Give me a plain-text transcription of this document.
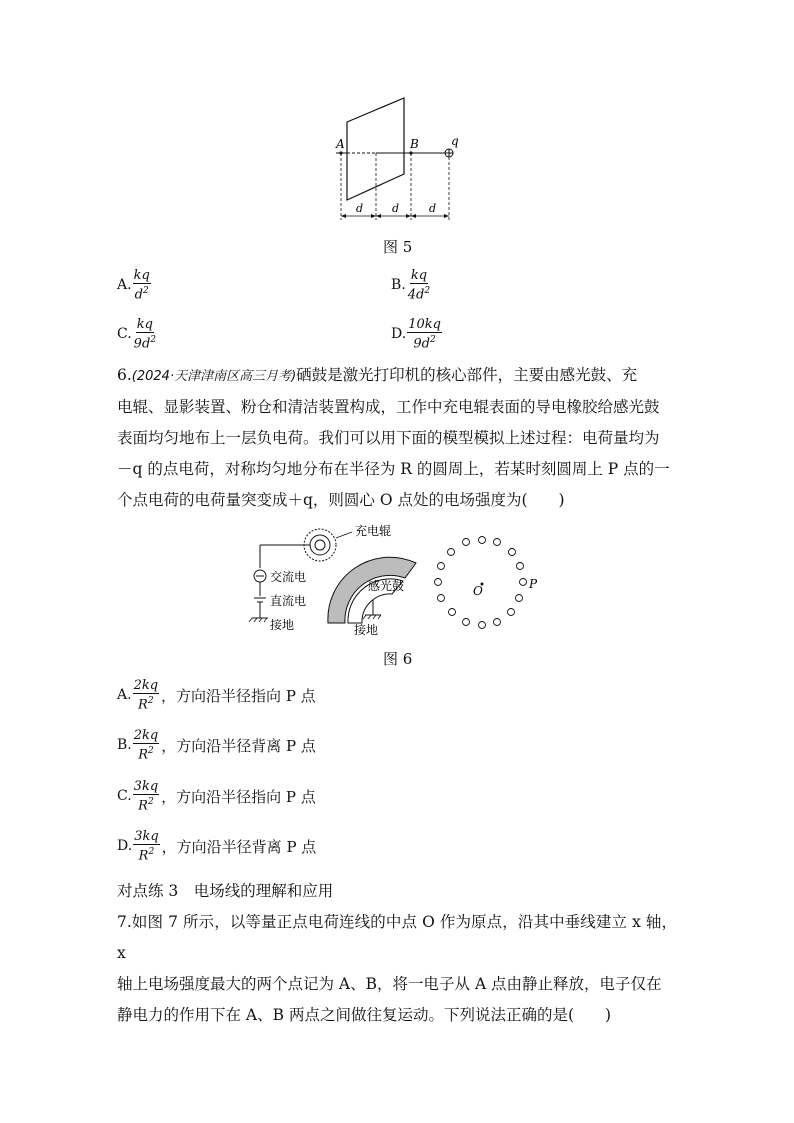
A	B	q
d	d	d
图 5
A. $\frac{kq}{d^2}$	B. $\frac{kq}{4d^2}$
C. $\frac{kq}{9d^2}$	D. $\frac{10kq}{9d^2}$
6.(2024·天津津南区高三月考)硒鼓是激光打印机的核心部件，主要由感光鼓、充
电辊、显影装置、粉仓和清洁装置构成，工作中充电辊表面的导电橡胶给感光鼓
表面均匀地布上一层负电荷。我们可以用下面的模型模拟上述过程：电荷量均为
－q 的点电荷，对称均匀地分布在半径为 R 的圆周上，若某时刻圆周上 P 点的一
个点电荷的电荷量突变成＋q，则圆心 O 点处的电场强度为(　　)
充电辊
交流电
直流电
接地
感光鼓
接地
O	P
图 6
A. $\frac{2kq}{R^2}$ ，方向沿半径指向 P 点
B. $\frac{2kq}{R^2}$ ，方向沿半径背离 P 点
C. $\frac{3kq}{R^2}$ ，方向沿半径指向 P 点
D. $\frac{3kq}{R^2}$ ，方向沿半径背离 P 点
对点练 3　电场线的理解和应用
7.如图 7 所示，以等量正点电荷连线的中点 O 作为原点，沿其中垂线建立 x 轴，x
轴上电场强度最大的两个点记为 A、B，将一电子从 A 点由静止释放，电子仅在
静电力的作用下在 A、B 两点之间做往复运动。下列说法正确的是(　　)
